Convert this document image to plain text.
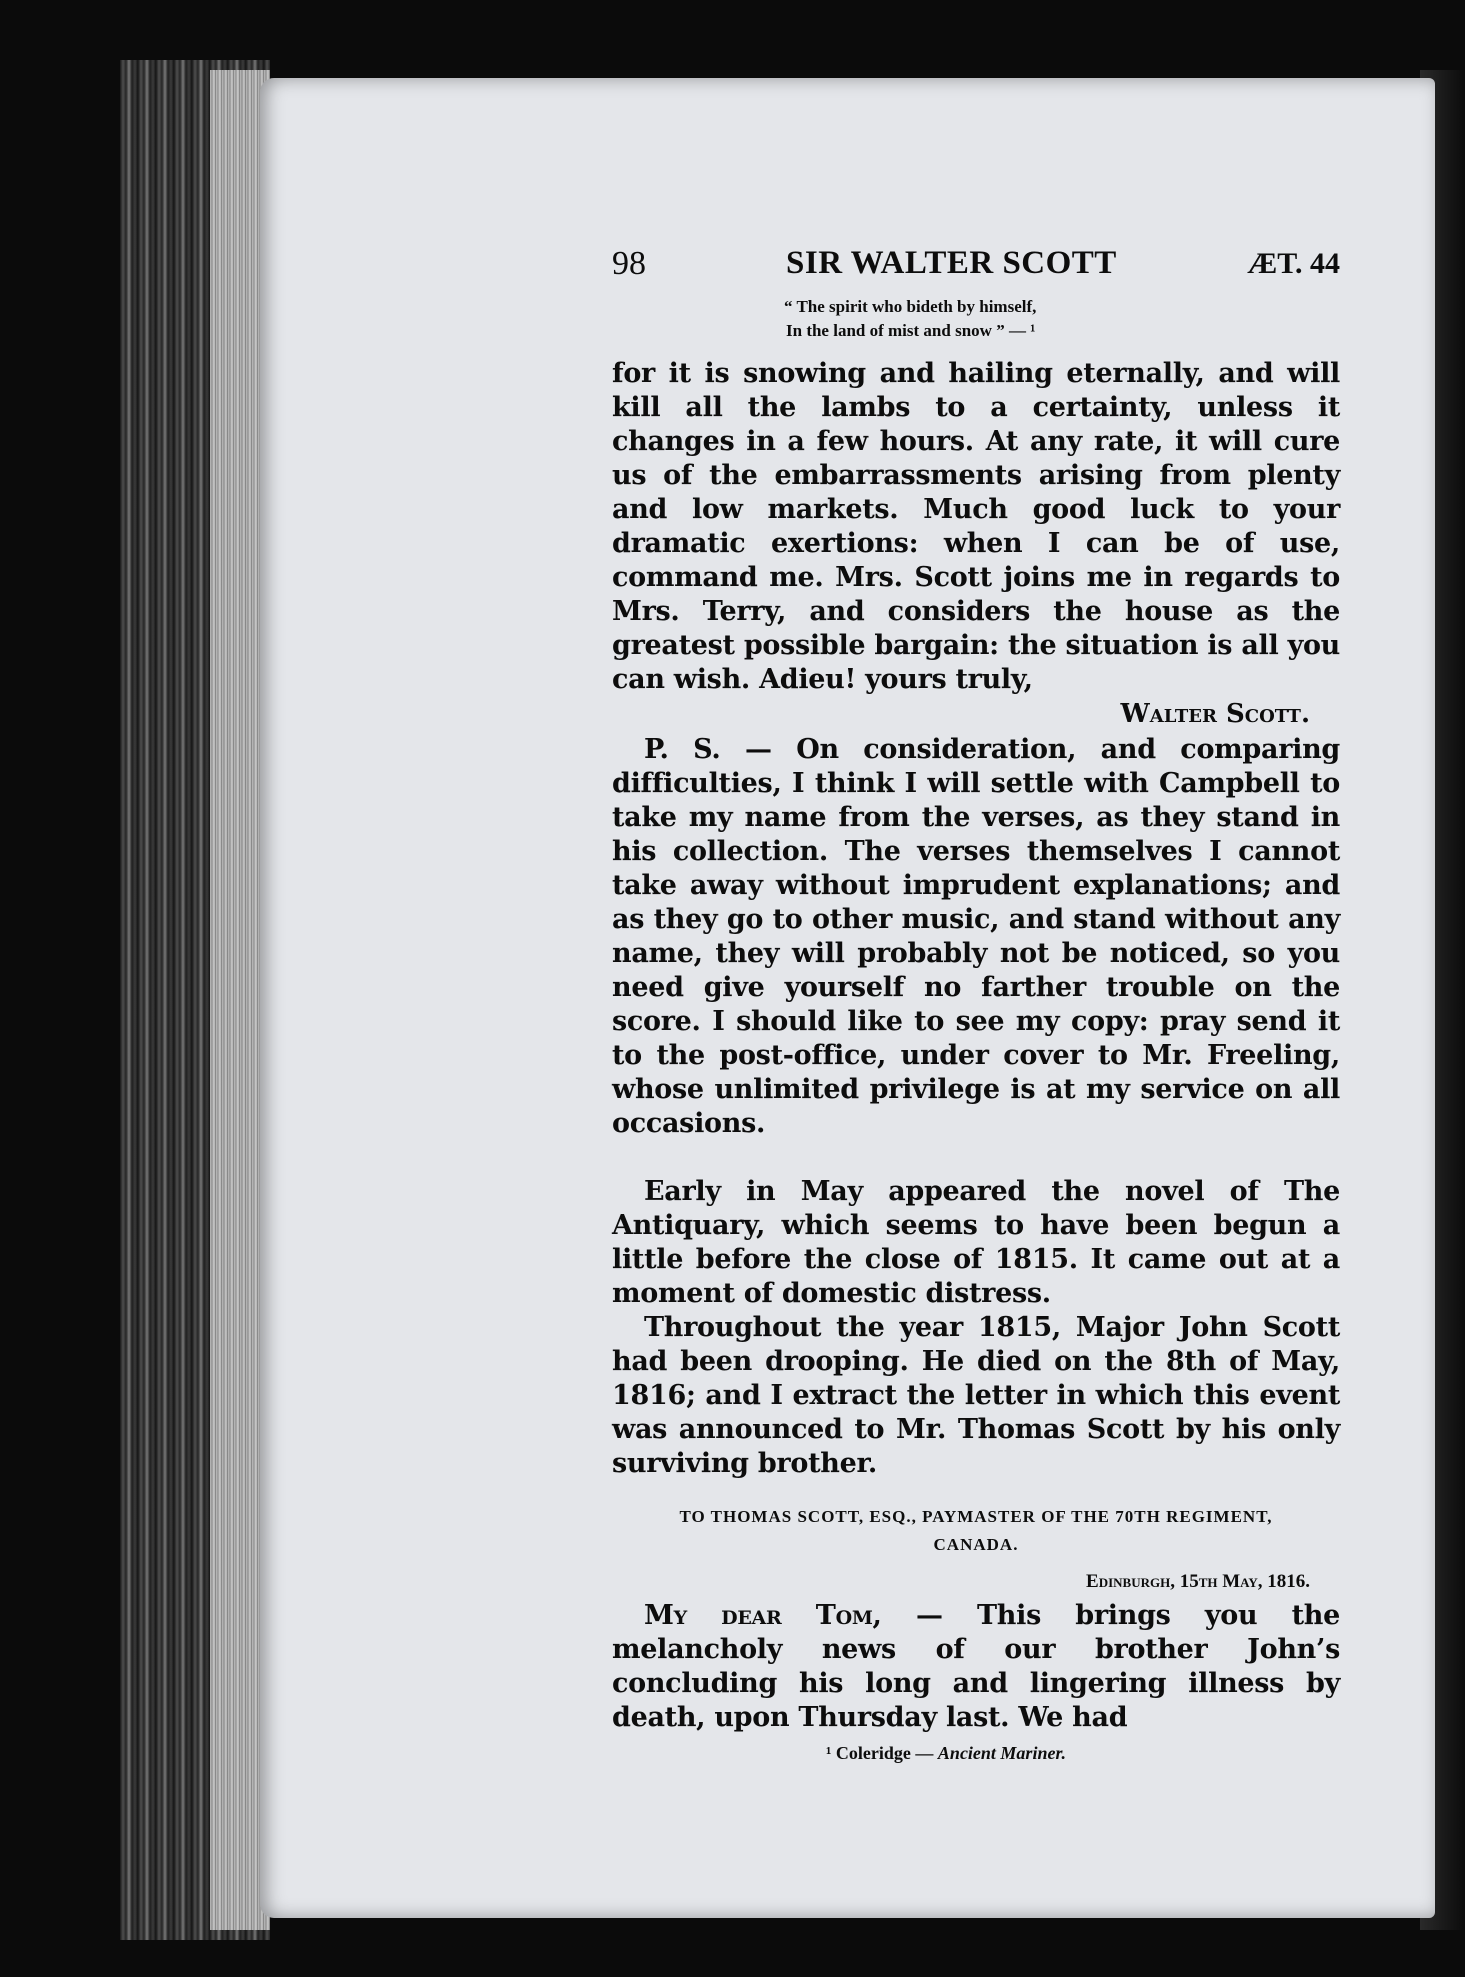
98	SIR WALTER SCOTT	ÆT. 44
“ The spirit who bideth by himself,
In the land of mist and snow ” — ¹

for it is snowing and hailing eternally, and will kill all the lambs to a certainty, unless it changes in a few hours. At any rate, it will cure us of the embarrassments arising from plenty and low markets. Much good luck to your dramatic exertions: when I can be of use, command me. Mrs. Scott joins me in regards to Mrs. Terry, and considers the house as the greatest possible bargain: the situation is all you can wish. Adieu! yours truly,

Walter Scott.

P. S. — On consideration, and comparing difficulties, I think I will settle with Campbell to take my name from the verses, as they stand in his collection. The verses themselves I cannot take away without imprudent explanations; and as they go to other music, and stand without any name, they will probably not be noticed, so you need give yourself no farther trouble on the score. I should like to see my copy: pray send it to the post-office, under cover to Mr. Freeling, whose unlimited privilege is at my service on all occasions.

Early in May appeared the novel of The Antiquary, which seems to have been begun a little before the close of 1815. It came out at a moment of domestic distress.

Throughout the year 1815, Major John Scott had been drooping. He died on the 8th of May, 1816; and I extract the letter in which this event was announced to Mr. Thomas Scott by his only surviving brother.

TO THOMAS SCOTT, ESQ., PAYMASTER OF THE 70TH REGIMENT,
CANADA.
Edinburgh, 15th May, 1816.

My dear Tom, — This brings you the melancholy news of our brother John’s concluding his long and lingering illness by death, upon Thursday last. We had

¹ Coleridge — Ancient Mariner.
